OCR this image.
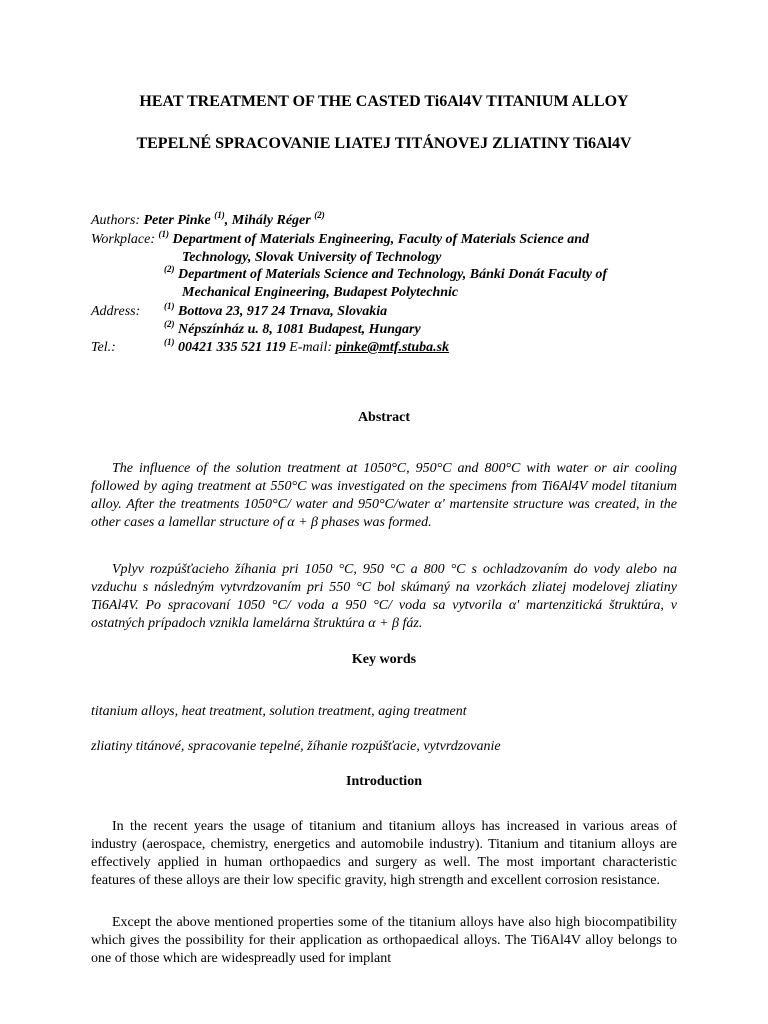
HEAT TREATMENT OF THE CASTED Ti6Al4V TITANIUM ALLOY
TEPELNÉ SPRACOVANIE LIATEJ TITÁNOVEJ ZLIATINY Ti6Al4V
Authors: Peter Pinke $^{(1)}$, Mihály Réger $^{(2)}$
Workplace: $^{(1)}$ Department of Materials Engineering, Faculty of Materials Science and
Technology, Slovak University of Technology
$^{(2)}$ Department of Materials Science and Technology, Bánki Donát Faculty of
Mechanical Engineering, Budapest Polytechnic
Address:	$^{(1)}$ Bottova 23, 917 24 Trnava, Slovakia
$^{(2)}$ Népszínház u. 8, 1081 Budapest, Hungary
Tel.:	$^{(1)}$ 00421 335 521 119 E-mail: pinke@mtf.stuba.sk
Abstract

The influence of the solution treatment at 1050°C, 950°C and 800°C with water or air cooling followed by aging treatment at 550°C was investigated on the specimens from Ti6Al4V model titanium alloy. After the treatments 1050°C/ water and 950°C/water α' martensite structure was created, in the other cases a lamellar structure of α + β phases was formed.

Vplyv rozpúšťacieho žíhania pri 1050 °C, 950 °C a 800 °C s ochladzovaním do vody alebo na vzduchu s následným vytvrdzovaním pri 550 °C bol skúmaný na vzorkách zliatej modelovej zliatiny Ti6Al4V. Po spracovaní 1050 °C/ voda a 950 °C/ voda sa vytvorila α' martenzitická štruktúra, v ostatných prípadoch vznikla lamelárna štruktúra α + β fáz.

Key words
titanium alloys, heat treatment, solution treatment, aging treatment
zliatiny titánové, spracovanie tepelné, žíhanie rozpúšťacie, vytvrdzovanie
Introduction

In the recent years the usage of titanium and titanium alloys has increased in various areas of industry (aerospace, chemistry, energetics and automobile industry). Titanium and titanium alloys are effectively applied in human orthopaedics and surgery as well. The most important characteristic features of these alloys are their low specific gravity, high strength and excellent corrosion resistance.

Except the above mentioned properties some of the titanium alloys have also high biocompatibility which gives the possibility for their application as orthopaedical alloys. The Ti6Al4V alloy belongs to one of those which are widespreadly used for implant
